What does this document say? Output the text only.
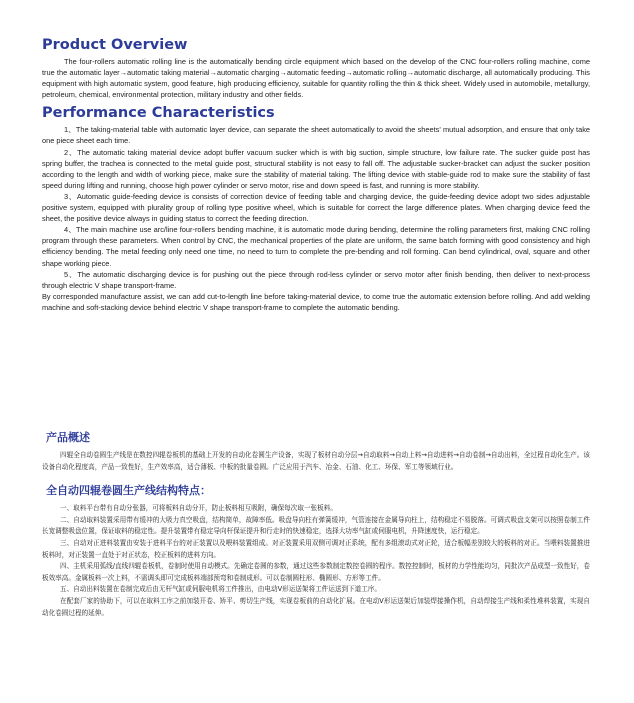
Product Overview

The four-rollers automatic rolling line is the automatically bending circle equipment which based on the develop of the CNC four-rollers rolling machine, come true the automatic layer→automatic taking material→automatic charging→automatic feeding→automatic rolling→automatic discharge, all automatically producing. This equipment with high automatic system, good feature, high producing efficiency, suitable for quantity rolling the thin & thick sheet. Widely used in automobile, metallurgy, petroleum, chemical, environmental protection, military industry and other fields.

Performance Characteristics

1、The taking-material table with automatic layer device, can separate the sheet automatically to avoid the sheets' mutual adsorption, and ensure that only take one piece sheet each time.

2、The automatic taking material device adopt buffer vacuum sucker which is with big suction, simple structure, low failure rate. The sucker guide post has spring buffer, the trachea is connected to the metal guide post, structural stability is not easy to fall off. The adjustable sucker-bracket can adjust the sucker position according to the length and width of working piece, make sure the stability of material taking. The lifting device with stable-guide rod to make sure the stability of fast speed during lifting and running, choose high power cylinder or servo motor, rise and down speed is fast, and running is more stability.

3、Automatic guide-feeding device is consists of correction device of feeding table and charging device, the guide-feeding device adopt two sides adjustable positive system, equipped with plurality group of rolling type positive wheel, which is suitable for correct the large difference plates. When charging device feed the sheet, the positive device always in guiding status to correct the feeding direction.

4、The main machine use arc/line four-rollers bending machine, it is automatic mode during bending, determine the rolling parameters first, making CNC rolling program through these parameters. When control by CNC, the mechanical properties of the plate are uniform, the same batch forming with good consistency and high efficiency bending. The metal feeding only need one time, no need to turn to complete the pre-bending and roll forming. Can bend cylindrical, oval, square and other shape working piece.

5、The automatic discharging device is for pushing out the piece through rod-less cylinder or servo motor after finish bending, then deliver to next-process through electric V shape transport-frame.

By corresponded manufacture assist, we can add cut-to-length line before taking-material device, to come true the automatic extension before rolling. And add welding machine and soft-stacking device behind electric V shape transport-frame to complete the automatic bending.

产品概述

四辊全自动卷圆生产线是在数控四辊卷板机的基础上开发的自动化卷圆生产设备，实现了板材自动分层→自动取料→自动上料→自动进料→自动卷制→自动出料，全过程自动化生产。该设备自动化程度高，产品一致性好，生产效率高，适合薄板、中板的批量卷圆。广泛应用于汽车、冶金、石油、化工、环保、军工等领域行业。

全自动四辊卷圆生产线结构特点：

一、取料平台带有自动分张器，可将板料自动分开，防止板料相互吸附，确保每次取一张板料。

二、自动取料装置采用带有缓冲的大吸力真空吸盘，结构简单，故障率低。吸盘导向柱有弹簧缓冲，气管连接在金属导向柱上，结构稳定不易脱落。可调式吸盘支架可以按照卷制工件长宽调整吸盘位置，保证取料的稳定性。提升装置带有稳定导向杆保证提升和行走时的快速稳定，选择大功率气缸或伺服电机，升降速度快，运行稳定。

三、自动对正进料装置由安装于进料平台的对正装置以及喂料装置组成。对正装置采用双侧可调对正系统，配有多组滚动式对正轮，适合板幅差别较大的板料的对正。当喂料装置推进板料时，对正装置一直处于对正状态，校正板料的进料方向。

四、主机采用弧线/直线四辊卷板机，卷制时使用自动模式。先确定卷圆的参数，通过这些参数制定数控卷圆的程序。数控控制时，板材的力学性能均匀，同批次产品成型一致性好，卷板效率高。金属板料一次上料，不需调头即可完成板料端部预弯和卷制成形。可以卷制圆柱形、椭圆形、方形等工件。

五、自动出料装置在卷制完成后由无杆气缸或伺服电机将工件推出，由电动V形运送架将工件运送到下道工序。

在配套厂家的协助下，可以在取料工序之前加装开卷、矫平、剪切生产线，实现卷板前的自动化扩展。在电动V形运送架后加装焊接操作机，自动焊接生产线和柔性堆料装置，实现自动化卷圆过程的延伸。
